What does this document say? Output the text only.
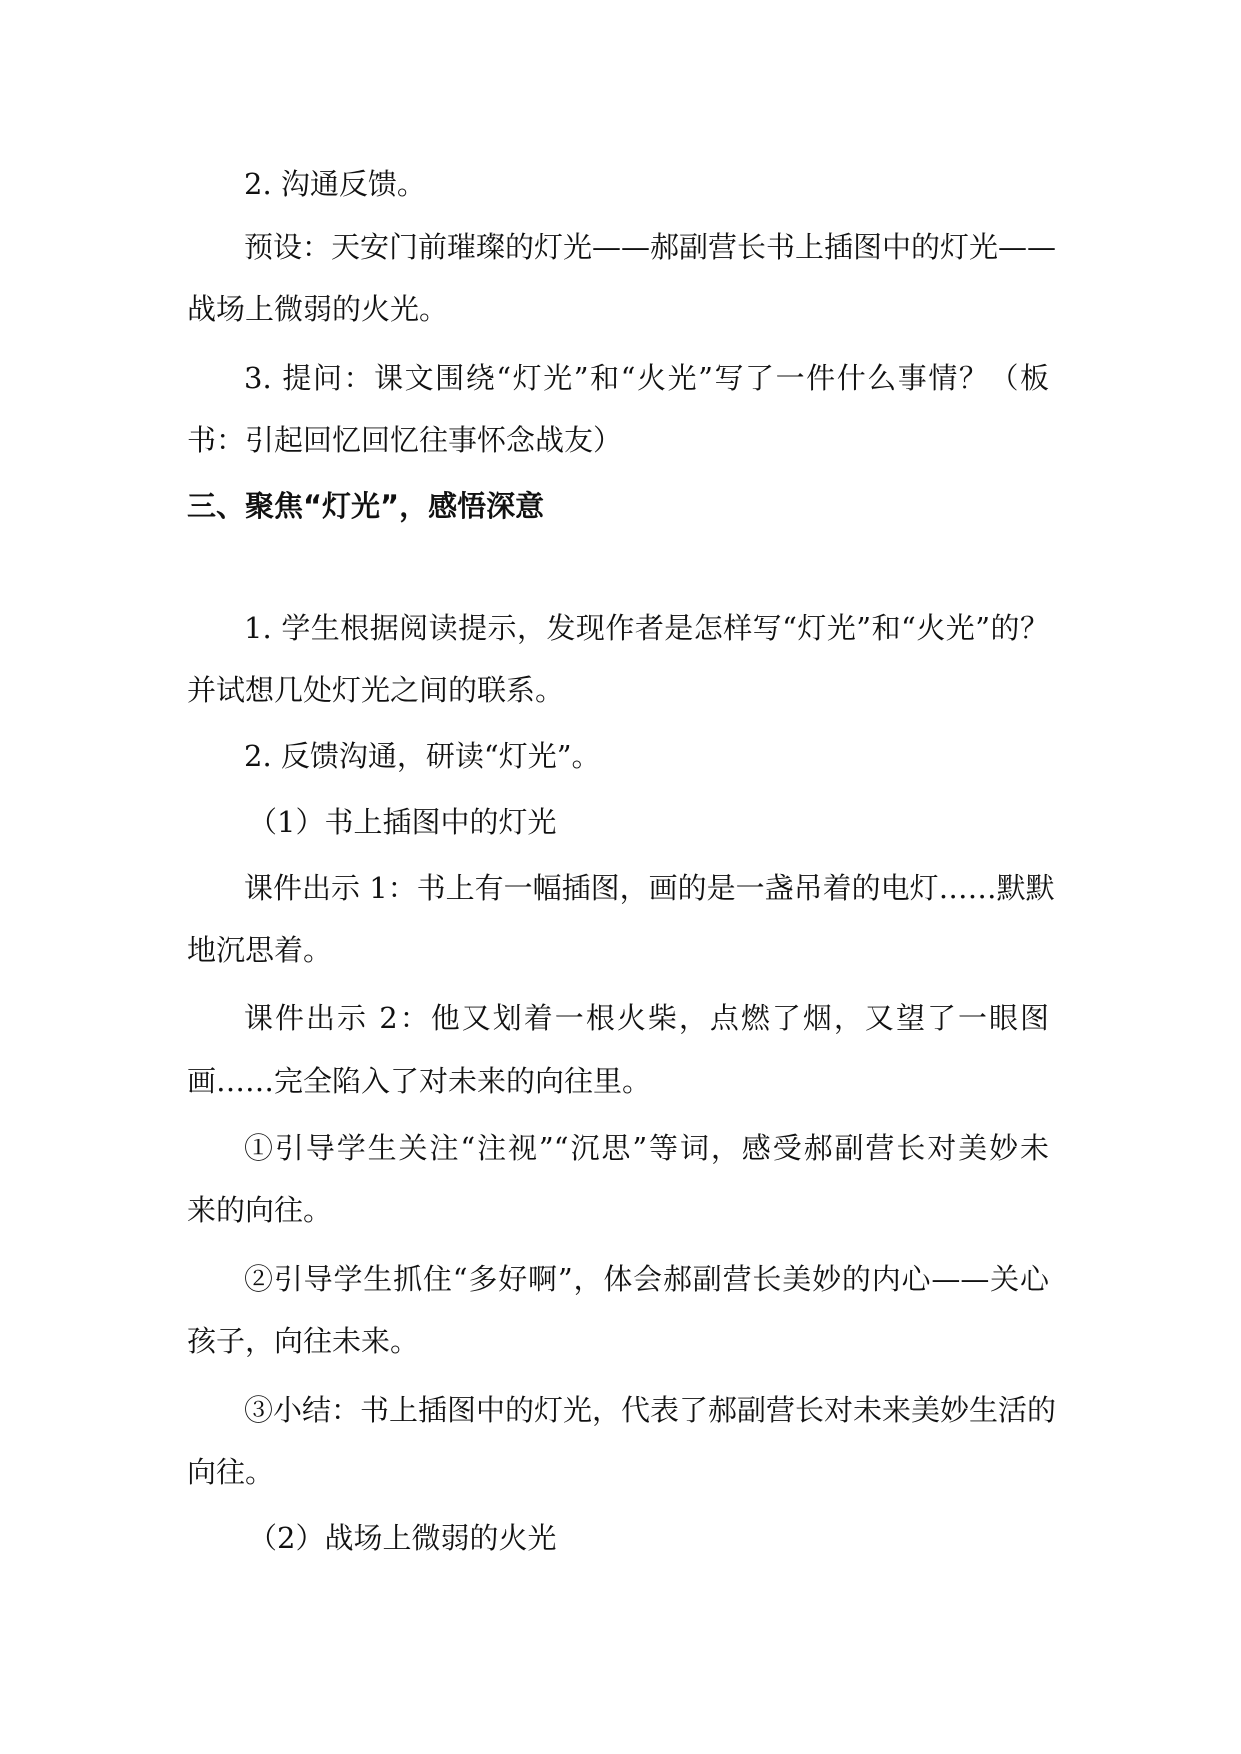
2. 沟通反馈。

预设：天安门前璀璨的灯光——郝副营长书上插图中的灯光——

战场上微弱的火光。

3. 提问：课文围绕“灯光”和“火光”写了一件什么事情？（板

书：引起回忆回忆往事怀念战友）

三、聚焦“灯光”，感悟深意

1. 学生根据阅读提示，发现作者是怎样写“灯光”和“火光”的？

并试想几处灯光之间的联系。

2. 反馈沟通，研读“灯光”。

（1）书上插图中的灯光

课件出示 1：书上有一幅插图，画的是一盏吊着的电灯……默默

地沉思着。

课件出示 2：他又划着一根火柴，点燃了烟，又望了一眼图

画……完全陷入了对未来的向往里。

①引导学生关注“注视”“沉思”等词，感受郝副营长对美妙未

来的向往。

②引导学生抓住“多好啊”，体会郝副营长美妙的内心——关心

孩子，向往未来。

③小结：书上插图中的灯光，代表了郝副营长对未来美妙生活的

向往。

（2）战场上微弱的火光
